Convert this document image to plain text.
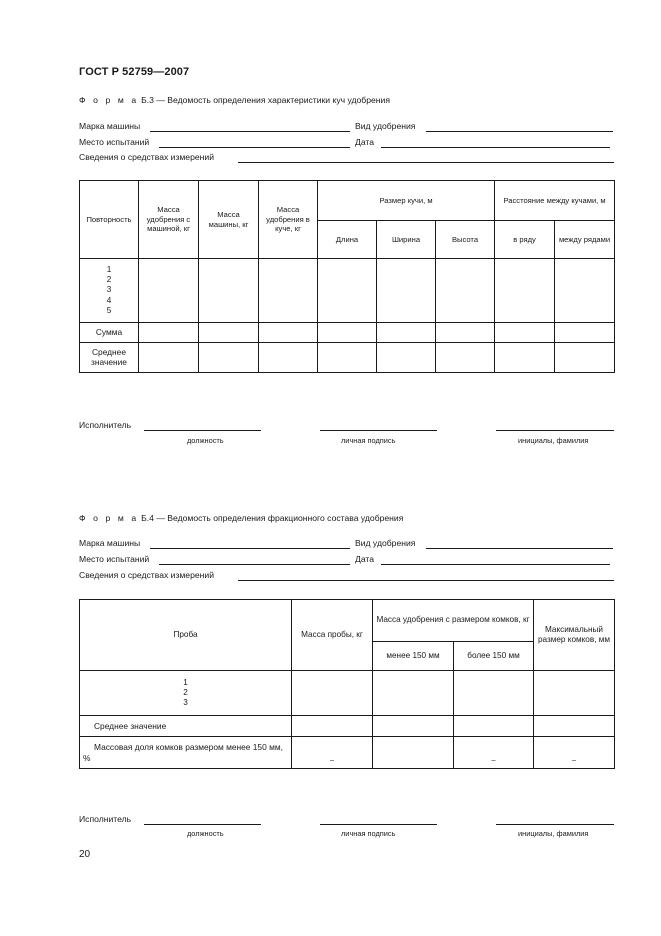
ГОСТ Р 52759—2007
Ф о р м а Б.3 — Ведомость определения характеристики куч удобрения
Марка машины	Вид удобрения
Место испытаний	Дата
Сведения о средствах измерений
Повторность	Масса удобрения с машиной, кг	Масса машины, кг	Масса удобрения в куче, кг	Размер кучи, м			Расстояние между кучами, м	
				Длина	Ширина	Высота	в ряду	между рядами

1
2
3
4
5								

Сумма								
Среднее значение								
Исполнитель
должность	личная подпись	инициалы, фамилия
Ф о р м а Б.4 — Ведомость определения фракционного состава удобрения
Марка машины	Вид удобрения
Место испытаний	Дата
Сведения о средствах измерений
Проба	Масса пробы, кг	Масса удобрения с размером комков, кг		Максимальный размер комков, мм
		менее 150 мм	более 150 мм	

1
2
3				

Среднее значение				
Массовая доля комков размером менее 150 мм, %	–		–	–
Исполнитель
должность	личная подпись	инициалы, фамилия
20
